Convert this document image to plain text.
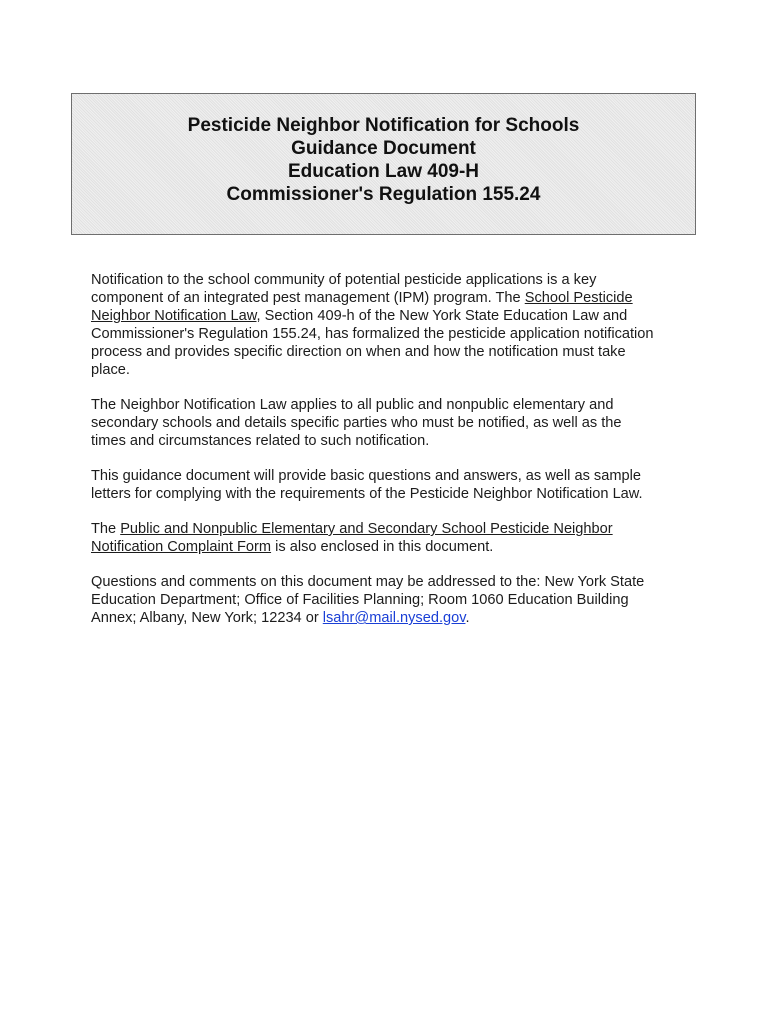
Pesticide Neighbor Notification for Schools
Guidance Document
Education Law 409-H
Commissioner's Regulation 155.24

Notification to the school community of potential pesticide applications is a key
component of an integrated pest management (IPM) program. The School Pesticide
Neighbor Notification Law, Section 409-h of the New York State Education Law and
Commissioner's Regulation 155.24, has formalized the pesticide application notification
process and provides specific direction on when and how the notification must take
place.

The Neighbor Notification Law applies to all public and nonpublic elementary and
secondary schools and details specific parties who must be notified, as well as the
times and circumstances related to such notification.

This guidance document will provide basic questions and answers, as well as sample
letters for complying with the requirements of the Pesticide Neighbor Notification Law.

The Public and Nonpublic Elementary and Secondary School Pesticide Neighbor
Notification Complaint Form is also enclosed in this document.

Questions and comments on this document may be addressed to the: New York State
Education Department; Office of Facilities Planning; Room 1060 Education Building
Annex; Albany, New York; 12234 or lsahr@mail.nysed.gov.
